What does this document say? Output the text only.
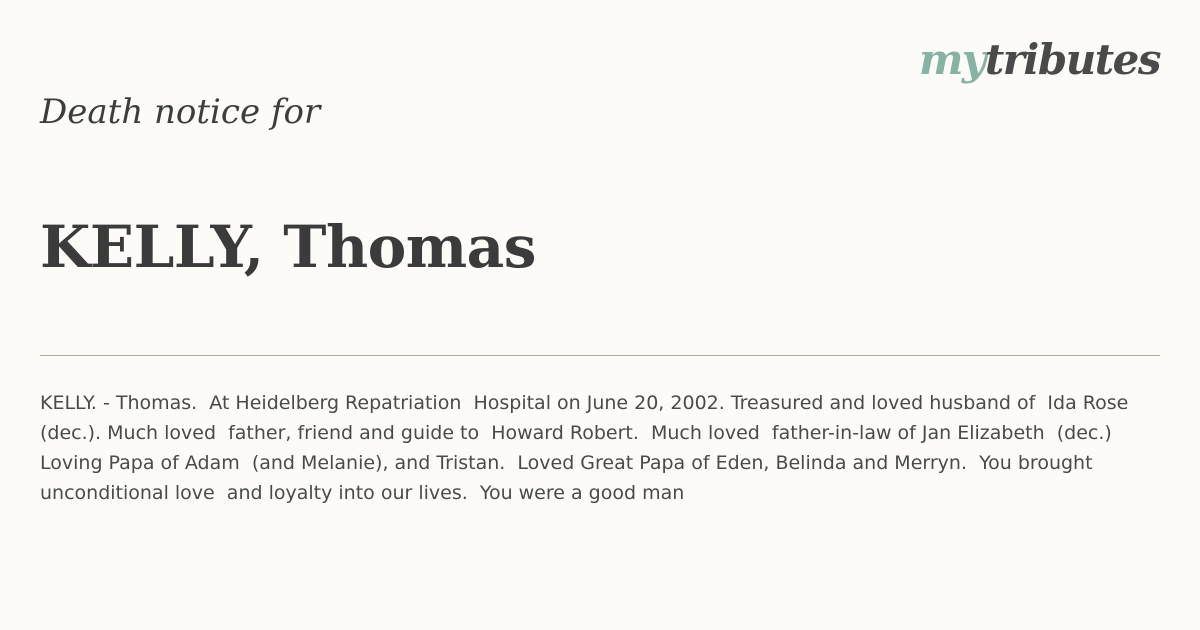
mytributes
Death notice for
KELLY, Thomas

KELLY. - Thomas.  At Heidelberg Repatriation  Hospital on June 20, 2002. Treasured and loved husband of  Ida Rose (dec.). Much loved  father, friend and guide to  Howard Robert.  Much loved  father-in-law of Jan Elizabeth  (dec.) Loving Papa of Adam  (and Melanie), and Tristan.  Loved Great Papa of Eden, Belinda and Merryn.  You brought unconditional love  and loyalty into our lives.  You were a good man
